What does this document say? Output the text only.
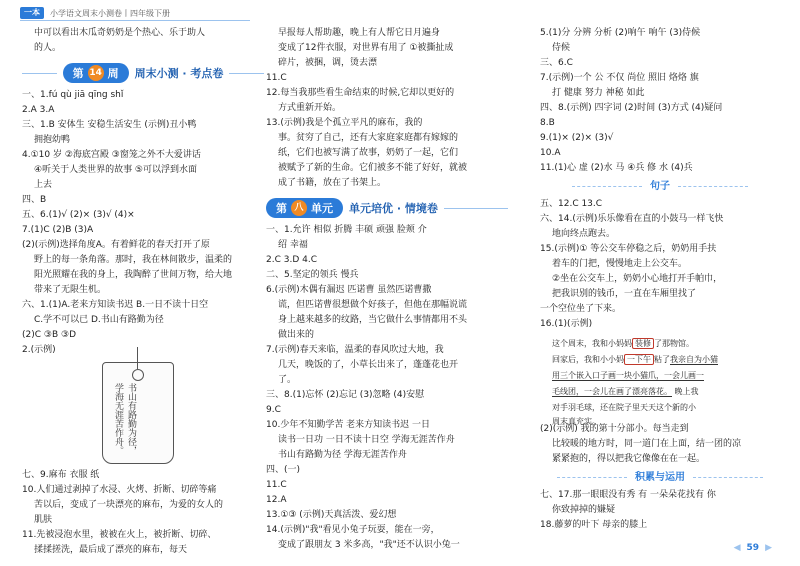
一本	小学语文周末小测卷丨四年级下册

中可以看出木瓜奇奶奶是个热心、乐于助人

的人。

第 14 周 周末小测 · 考点卷

一、1.fú qù jiā qīng shǐ

2.A 3.A

三、1.B 安体生 安稳生活安生 (示例)丑小鸭

拥抱幼鸭

4.①10 岁 ②海底宫殿 ③窗笼之外不大爱讲话

④听关于人类世界的故事 ⑤可以浮到水面

上去

四、B

五、6.(1)√ (2)× (3)√ (4)×

7.(1)C (2)B (3)A

(2)(示例)选择角度A。有着鲜花的春天打开了原

野上的每一条角落。那时，我在林间散步，温柔的

阳光照耀在我的身上，我陶醉了世间万物，给大地

带来了无限生机。

六、1.(1)A.老来方知读书迟 B.一日不读十日空

C.学不可以已 D.书山有路勤为径

(2)C ③B ③D

2.(示例)

书山有路勤为径，学海无涯苦作舟。

七、9.麻布 衣服 纸

10.人们通过剥掉了水浸、火烤、折断、切碎等痛

苦以后，变成了一块漂亮的麻布，为爱的女人的

肌肤

11.先被浸泡水里，被被在火上，被折断、切碎、

揉揉搓洗，最后成了漂亮的麻布，每天

早报每人帮助趣，晚上有人帮它日月遍身

变成了12件衣服，对世界有用了 ①被撕扯成

碎片，被捆，调，烫去漂

11.C

12.每当我那些看生命结束的时候,它却以更好的

方式重新开始。

13.(示例)我是个孤立平凡的麻布，我的

事。贫穷了自己，还有大家庭家庭都有嫁嫁的

纸，它们也被写满了故事，奶奶了一起，它们

被赋予了新的生命。它们被多不能了好好，就被

成了书籍，放在了书架上。

第 八 单元 单元培优 · 情境卷

一、1.允许 相似 折腾 丰硕 顽强 脸颊 介

绍 幸福

2.C 3.D 4.C

二、5.坚定的领兵 慢兵

6.(示例)木偶有漏迟 匹诺曹 虽然匹诺曹撒

谎，但匹诺曹很想做个好孩子，但他在那幅说谎

身上越来越多的纹路，当它做什么事情都用不头

做出来的

7.(示例)春天来临，温柔的春风吹过大地，我

几天，晚饭的了，小草长出来了，蓬蓬花也开

了。

三、8.(1)忘怀 (2)忘记 (3)忽略 (4)安慰

9.C

10.少年不知勤学苦 老来方知读书迟 一日

读书一日功 一日不读十日空 学海无涯苦作舟

书山有路勤为径 学海无涯苦作舟

四、(一)

11.C

12.A

13.①③ (示例)天真活泼、爱幻想

14.(示例)"我"看见小兔子玩耍，能在一旁，

变成了跟朋友 3 米多高，"我"还不认识小兔一

5.(1)分 分辨 分析 (2)响午 响午 (3)侍候

侍候

三、6.C

7.(示例)一个 公 不仅 尚位 照旧 烙烙 旗

打 健康 努力 神秘 如此

四、8.(示例) 四字词 (2)时间 (3)方式 (4)疑问

8.B

9.(1)× (2)× (3)√

10.A

11.(1)心 虚 (2)水 马 ④兵 修 水 (4)兵

句子

五、12.C 13.C

六、14.(示例)乐乐像看在直的小鼓马一样飞快

地向终点跑去。

15.(示例)① 等公交车停稳之后，奶奶用手扶

着车的门把，慢慢地走上公交车。

②坐在公交车上，奶奶小心地打开手帕巾，

把我识别的钱币，一直在车厢里找了

一个空位坐了下来。

16.(1)(示例)

这个周末，我和小妈妈 装修 了那物馆。
回家后，我和小小妈 一下午 粘了我亲自为小猫
用三个嵌入口子画一块小猫爪，一会儿画一
毛线团，一会儿在画了漂亮落花。 晚上我
对手羽毛球，还在院子里天天这个新的小
周末真充实。

(2)(示例) 我的第十分部小。每当走到

比较暖的地方时，同一道门在上面，结一团的凉

紧紧抱的，得以把我它像像在在一起。

积累与运用

七、17.那一眼眼没有秀 有 一朵朵花找有 你

你致掉掉的嫌疑

18.藤萝的叶下 母亲的膝上

◀ 59 ▶
